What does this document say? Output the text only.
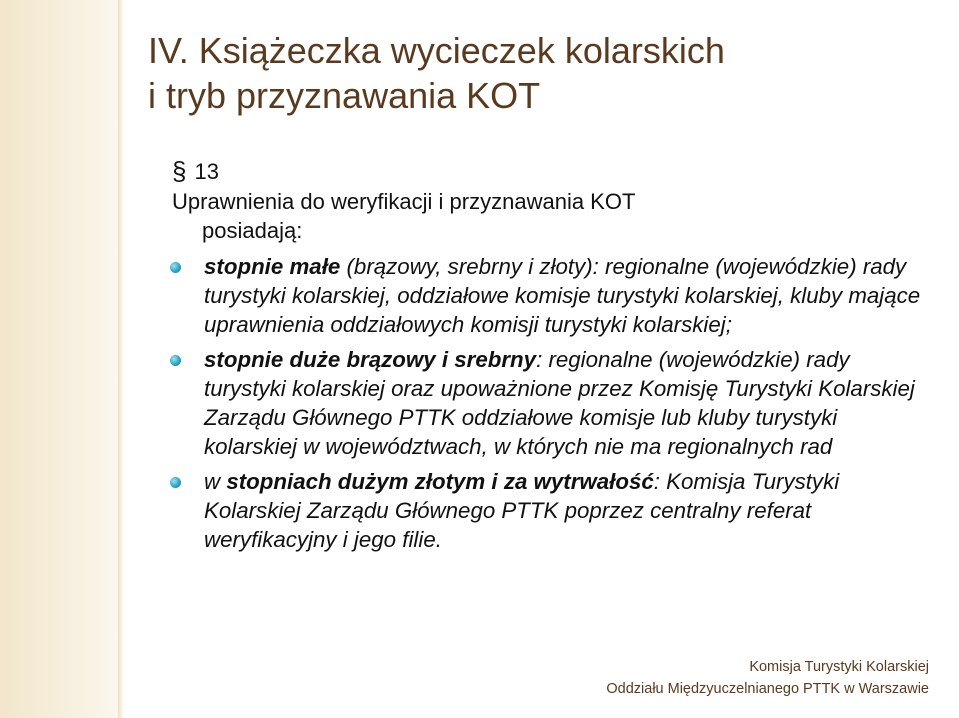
IV. Książeczka wycieczek kolarskich
i tryb przyznawania KOT
§ 13
Uprawnienia do weryfikacji i przyznawania KOT
posiadają:
stopnie małe (brązowy, srebrny i złoty): regionalne (wojewódzkie) rady turystyki kolarskiej, oddziałowe komisje turystyki kolarskiej, kluby mające uprawnienia oddziałowych komisji turystyki kolarskiej;
stopnie duże brązowy i srebrny: regionalne (wojewódzkie) rady turystyki kolarskiej oraz upoważnione przez Komisję Turystyki Kolarskiej Zarządu Głównego PTTK oddziałowe komisje lub kluby turystyki kolarskiej w województwach, w których nie ma regionalnych rad
w stopniach dużym złotym i za wytrwałość: Komisja Turystyki Kolarskiej Zarządu Głównego PTTK poprzez centralny referat weryfikacyjny i jego filie.
Komisja Turystyki Kolarskiej
Oddziału Międzyuczelnianego PTTK w Warszawie
